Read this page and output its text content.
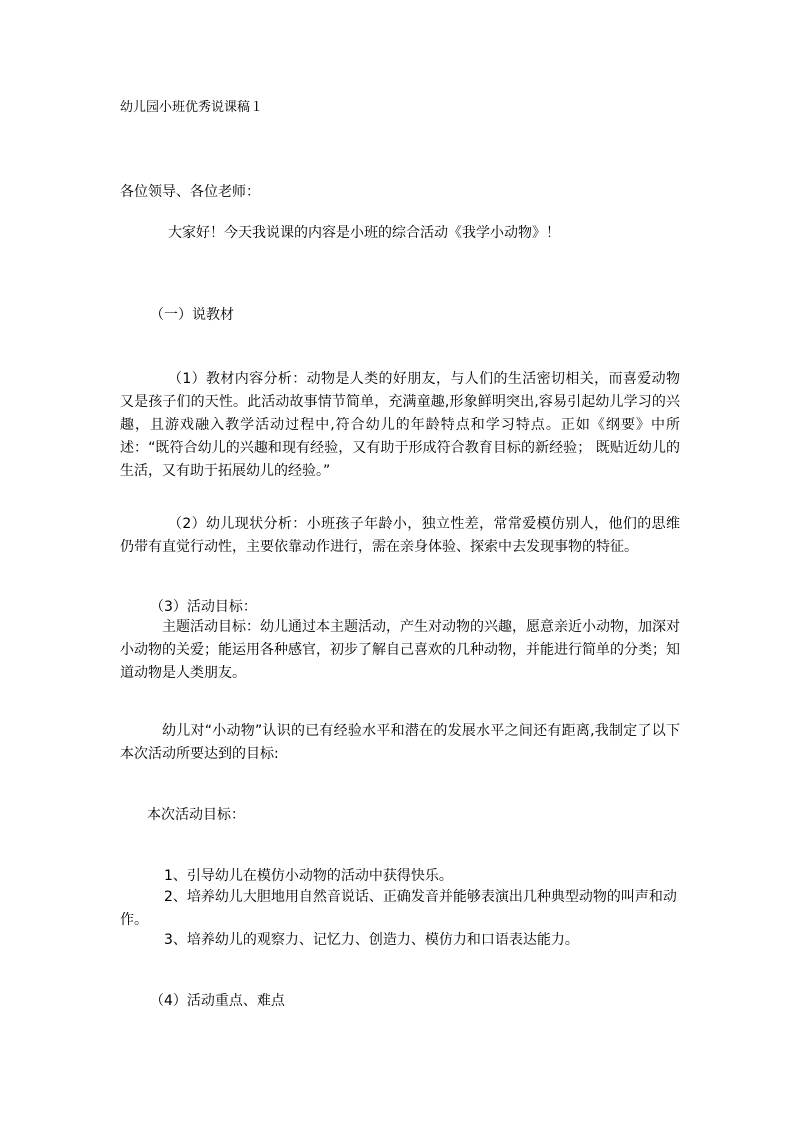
幼儿园小班优秀说课稿１
各位领导、各位老师：
大家好！今天我说课的内容是小班的综合活动《我学小动物》！
（一）说教材
（1）教材内容分析：动物是人类的好朋友，与人们的生活密切相关，而喜爱动物又是孩子们的天性。此活动故事情节简单，充满童趣,形象鲜明突出,容易引起幼儿学习的兴趣，且游戏融入教学活动过程中,符合幼儿的年龄特点和学习特点。正如《纲要》中所述：“既符合幼儿的兴趣和现有经验，又有助于形成符合教育目标的新经验； 既贴近幼儿的生活，又有助于拓展幼儿的经验。”
（2）幼儿现状分析：小班孩子年龄小，独立性差，常常爱模仿别人，他们的思维仍带有直觉行动性，主要依靠动作进行，需在亲身体验、探索中去发现事物的特征。
（3）活动目标：
主题活动目标：幼儿通过本主题活动，产生对动物的兴趣，愿意亲近小动物，加深对小动物的关爱；能运用各种感官，初步了解自己喜欢的几种动物，并能进行简单的分类；知道动物是人类朋友。
幼儿对“小动物”认识的已有经验水平和潜在的发展水平之间还有距离,我制定了以下本次活动所要达到的目标:
本次活动目标：
1、引导幼儿在模仿小动物的活动中获得快乐。
2、培养幼儿大胆地用自然音说话、正确发音并能够表演出几种典型动物的叫声和动作。
3、培养幼儿的观察力、记忆力、创造力、模仿力和口语表达能力。
（4）活动重点、难点
